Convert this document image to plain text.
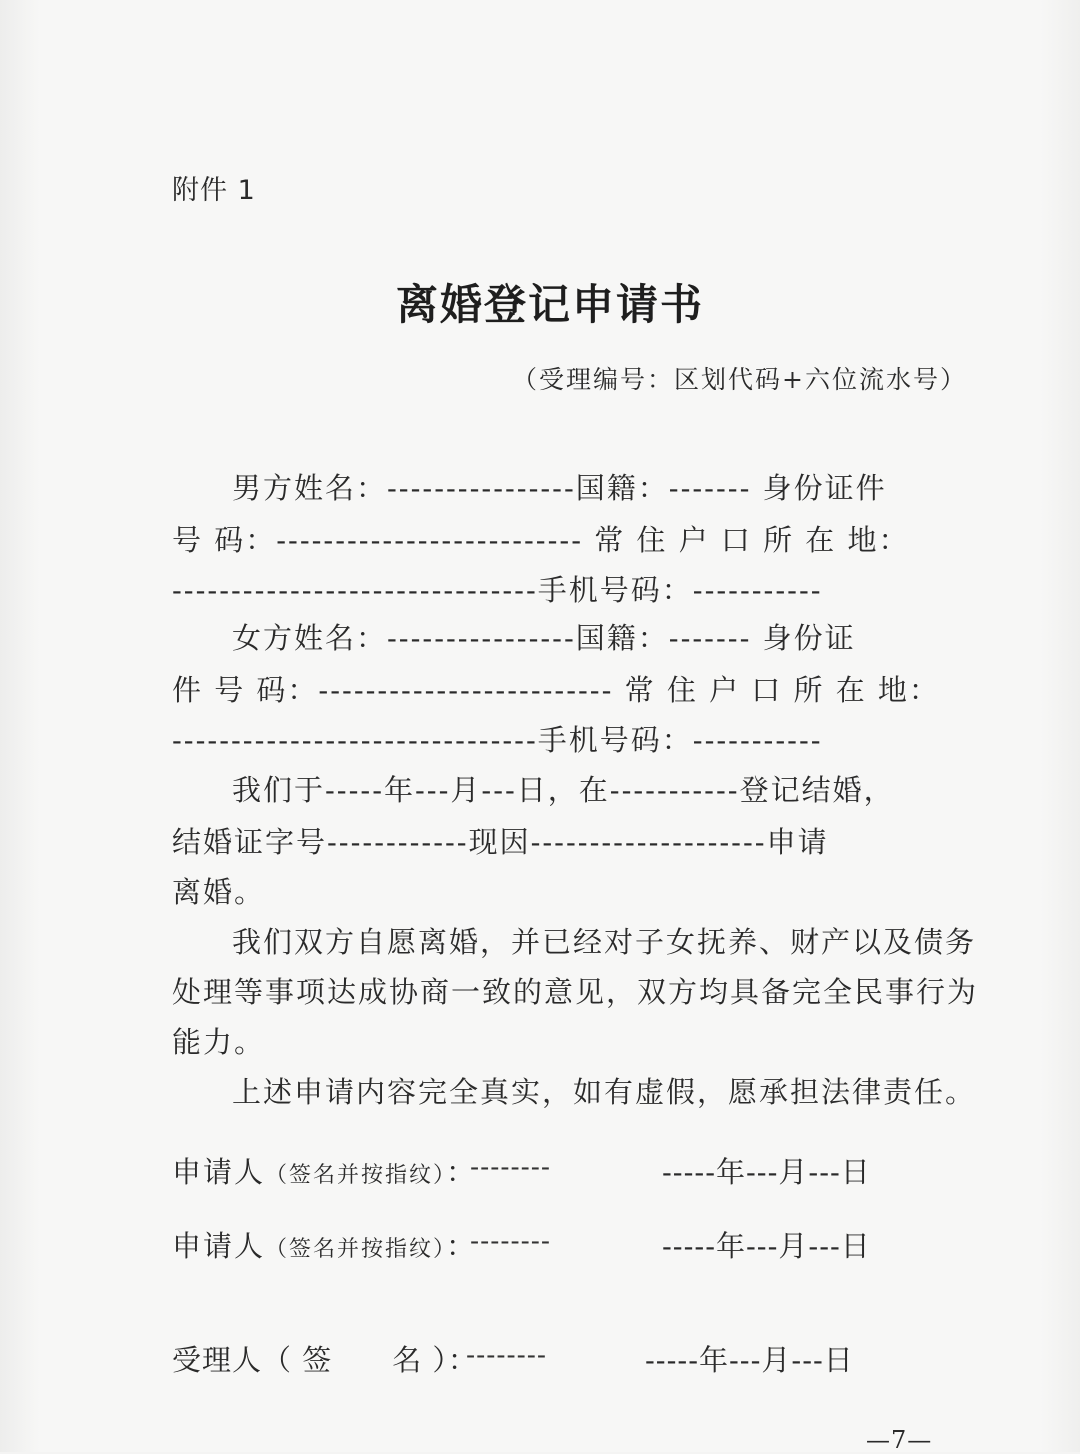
附件 1
离婚登记申请书
（受理编号：区划代码+六位流水号）
男方姓名：----------------国籍：------- 身份证件
号 码：-------------------------- 常 住 户 口 所 在 地：
-------------------------------手机号码：-----------
女方姓名：----------------国籍：------- 身份证
件 号 码：------------------------- 常 住 户 口 所 在 地：
-------------------------------手机号码：-----------
我们于-----年---月---日，在-----------登记结婚，
结婚证字号------------现因--------------------申请
离婚。
我们双方自愿离婚，并已经对子女抚养、财产以及债务
处理等事项达成协商一致的意见，双方均具备完全民事行为
能力。
上述申请内容完全真实，如有虚假，愿承担法律责任。
申请人（签名并按指纹）：
--------	-----年---月---日
申请人（签名并按指纹）：
--------	-----年---月---日
受理人（ 签　　名 ）：
--------	-----年---月---日
—7—
